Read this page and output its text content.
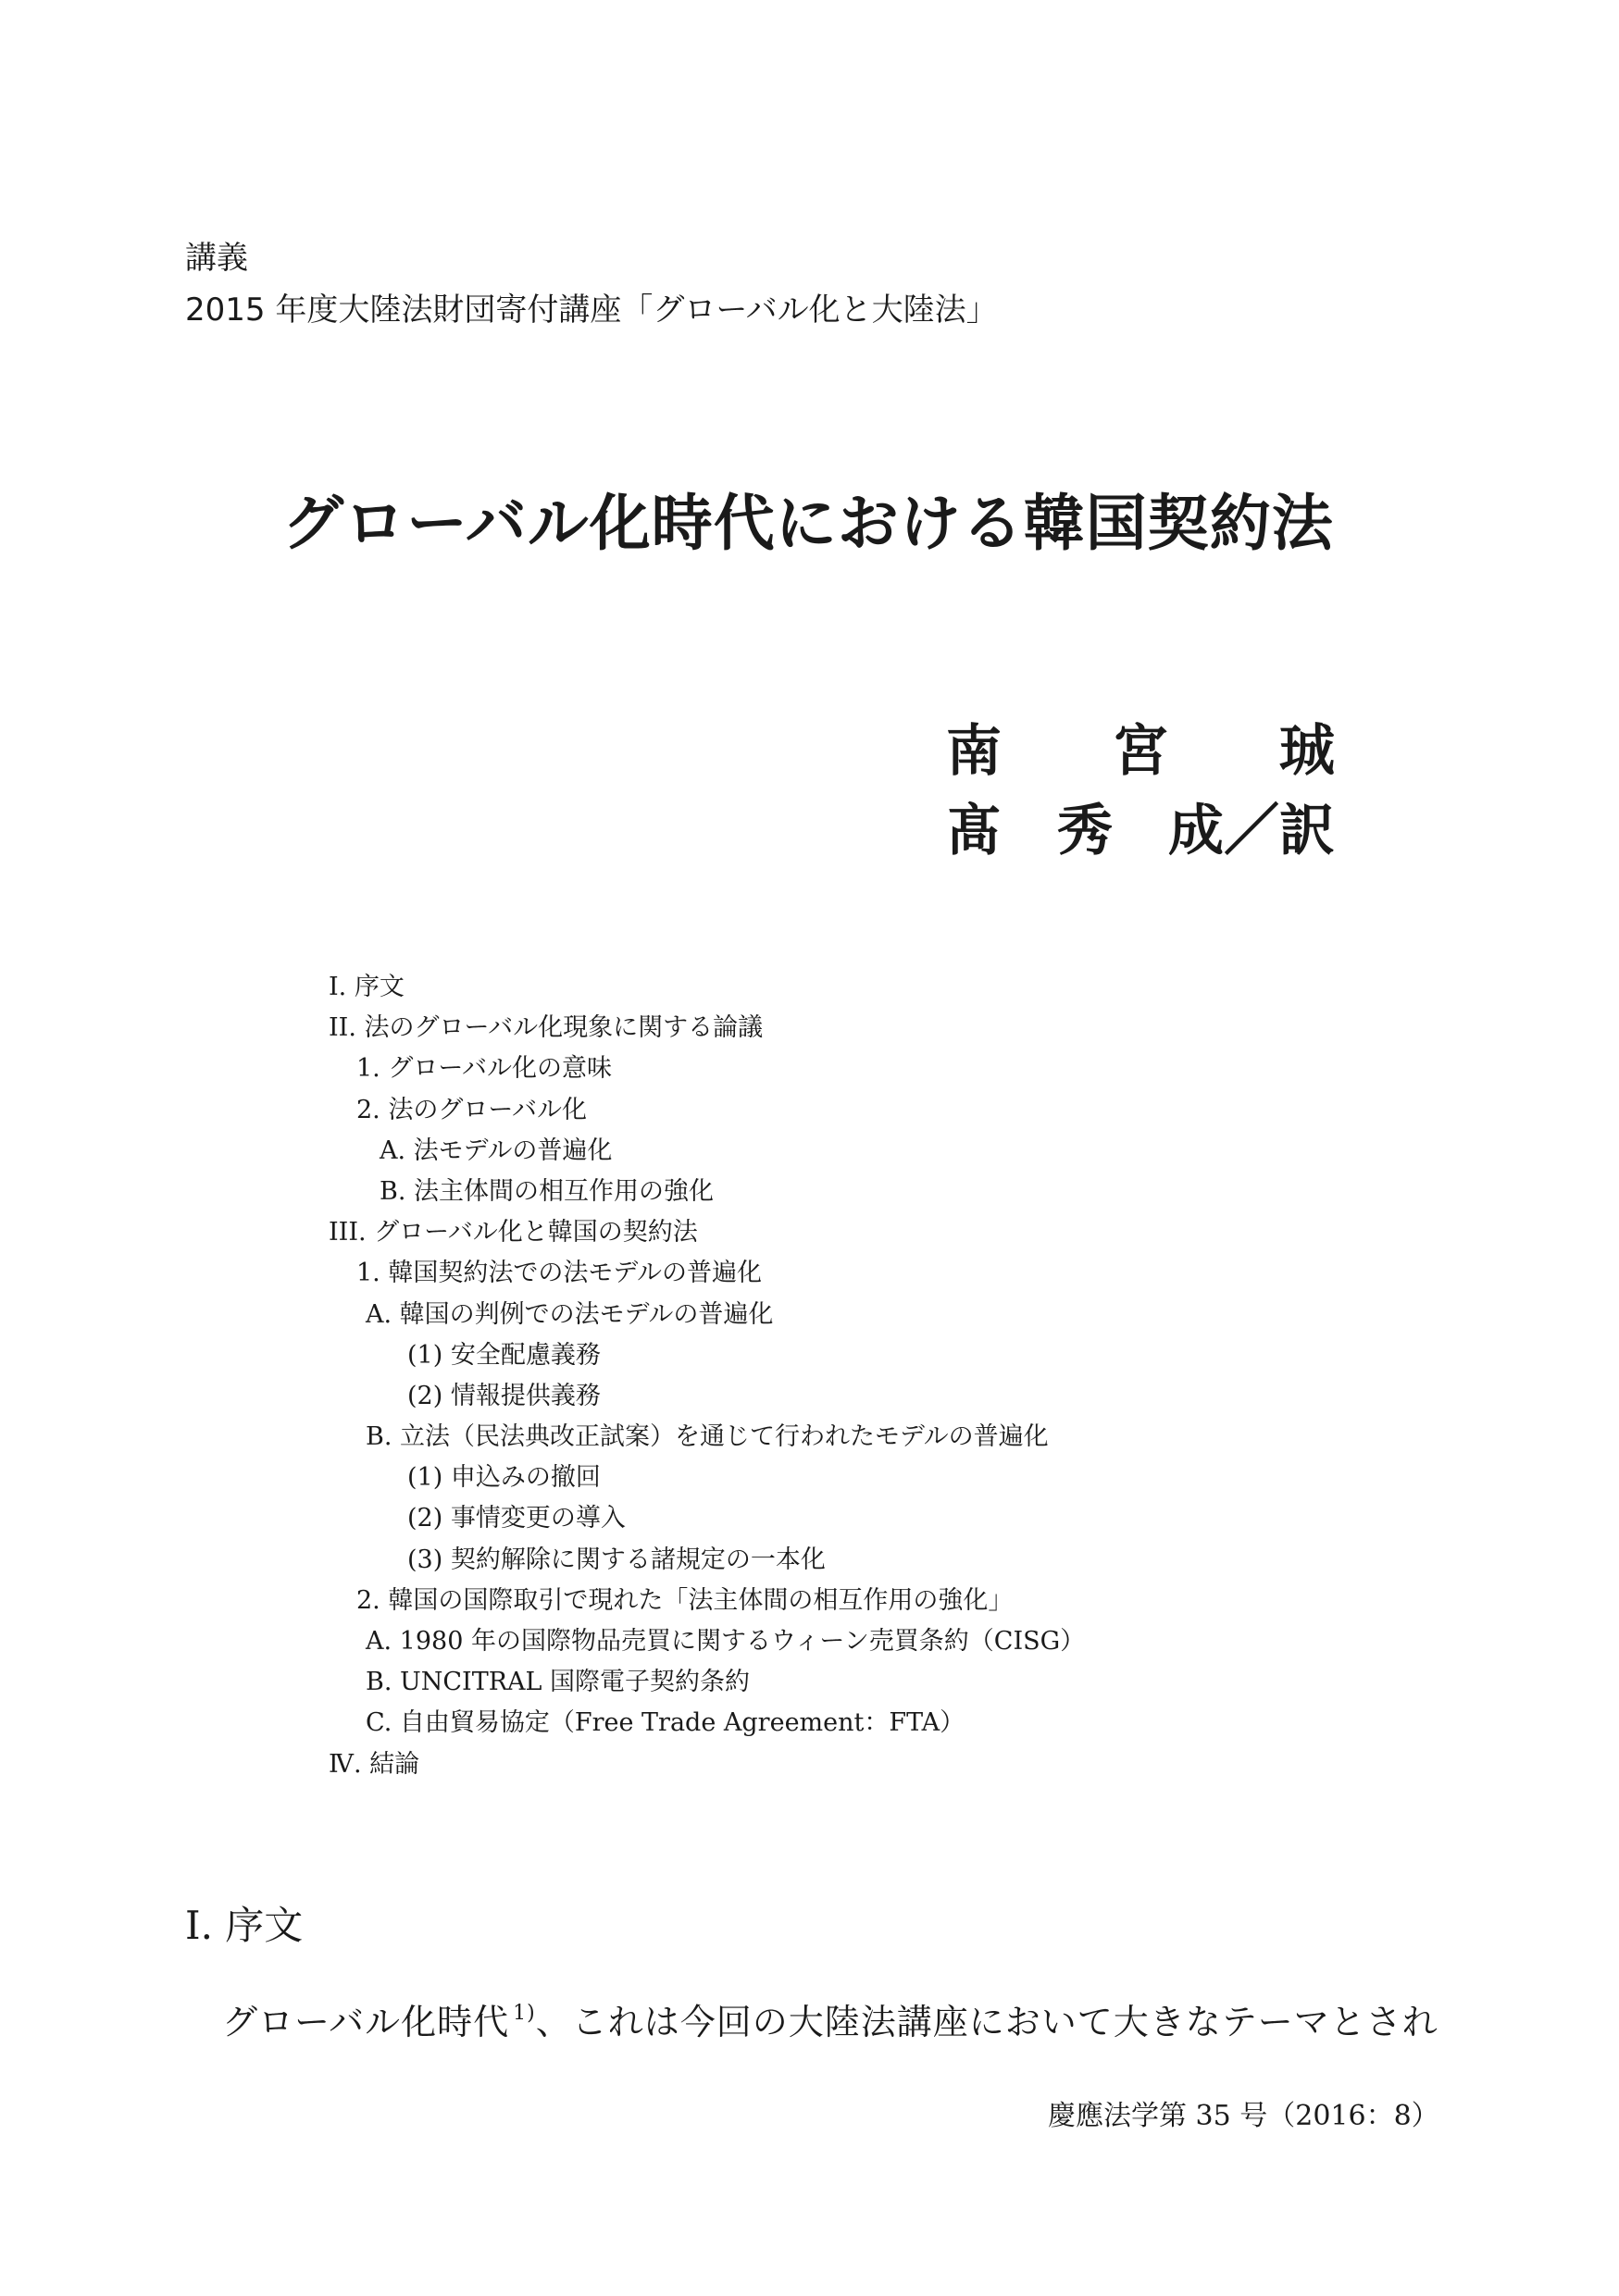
講義
2015 年度大陸法財団寄付講座「グローバル化と大陸法」
グローバル化時代における韓国契約法
南 宮 珹
髙 秀 成／訳
I. 序文
II. 法のグローバル化現象に関する論議
1. グローバル化の意味
2. 法のグローバル化
A. 法モデルの普遍化
B. 法主体間の相互作用の強化
III. グローバル化と韓国の契約法
1. 韓国契約法での法モデルの普遍化
A. 韓国の判例での法モデルの普遍化
(1) 安全配慮義務
(2) 情報提供義務
B. 立法（民法典改正試案）を通じて行われたモデルの普遍化
(1) 申込みの撤回
(2) 事情変更の導入
(3) 契約解除に関する諸規定の一本化
2. 韓国の国際取引で現れた「法主体間の相互作用の強化」
A. 1980 年の国際物品売買に関するウィーン売買条約（CISG）
B. UNCITRAL 国際電子契約条約
C. 自由貿易協定（Free Trade Agreement：FTA）
Ⅳ. 結論
I. 序文

グローバル化時代 $^{1)}$、これは今回の大陸法講座において大きなテーマとされ

慶應法学第 35 号（2016：8）
